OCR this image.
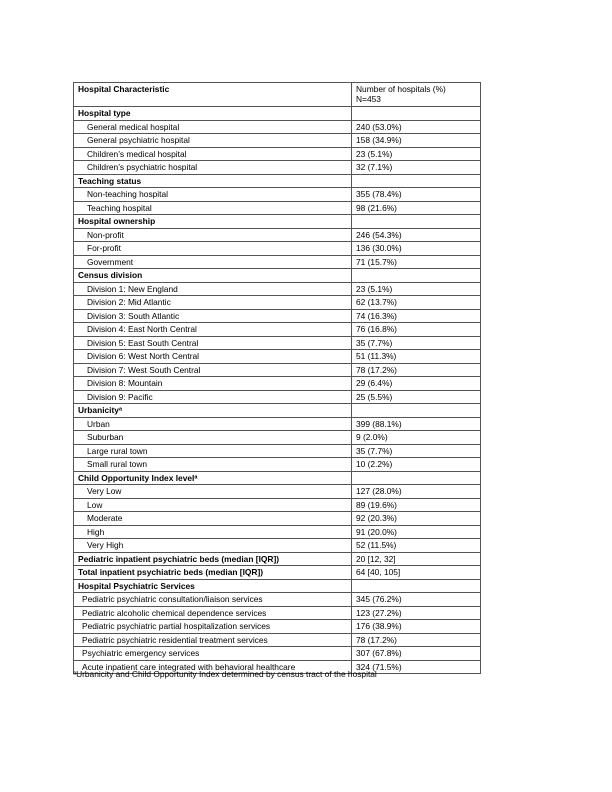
Hospital Characteristic	Number of hospitals (%)
N=453
Hospital type	
General medical hospital	240 (53.0%)
General psychiatric hospital	158 (34.9%)
Children’s medical hospital	23 (5.1%)
Children’s psychiatric hospital	32 (7.1%)
Teaching status	
Non-teaching hospital	355 (78.4%)
Teaching hospital	98 (21.6%)
Hospital ownership	
Non-profit	246 (54.3%)
For-profit	136 (30.0%)
Government	71 (15.7%)
Census division	
Division 1: New England	23 (5.1%)
Division 2: Mid Atlantic	62 (13.7%)
Division 3: South Atlantic	74 (16.3%)
Division 4: East North Central	76 (16.8%)
Division 5: East South Central	35 (7.7%)
Division 6: West North Central	51 (11.3%)
Division 7: West South Central	78 (17.2%)
Division 8: Mountain	29 (6.4%)
Division 9: Pacific	25 (5.5%)
Urbanicity$^a$	
Urban	399 (88.1%)
Suburban	9 (2.0%)
Large rural town	35 (7.7%)
Small rural town	10 (2.2%)
Child Opportunity Index level$^a$	
Very Low	127 (28.0%)
Low	89 (19.6%)
Moderate	92 (20.3%)
High	91 (20.0%)
Very High	52 (11.5%)
Pediatric inpatient psychiatric beds (median [IQR])	20 [12, 32]
Total inpatient psychiatric beds (median [IQR])	64 [40, 105]
Hospital Psychiatric Services	
Pediatric psychiatric consultation/liaison services	345 (76.2%)
Pediatric alcoholic chemical dependence services	123 (27.2%)
Pediatric psychiatric partial hospitalization services	176 (38.9%)
Pediatric psychiatric residential treatment services	78 (17.2%)
Psychiatric emergency services	307 (67.8%)
Acute inpatient care integrated with behavioral healthcare	324 (71.5%)
$^a$Urbanicity and Child Opportunity Index determined by census tract of the hospital
